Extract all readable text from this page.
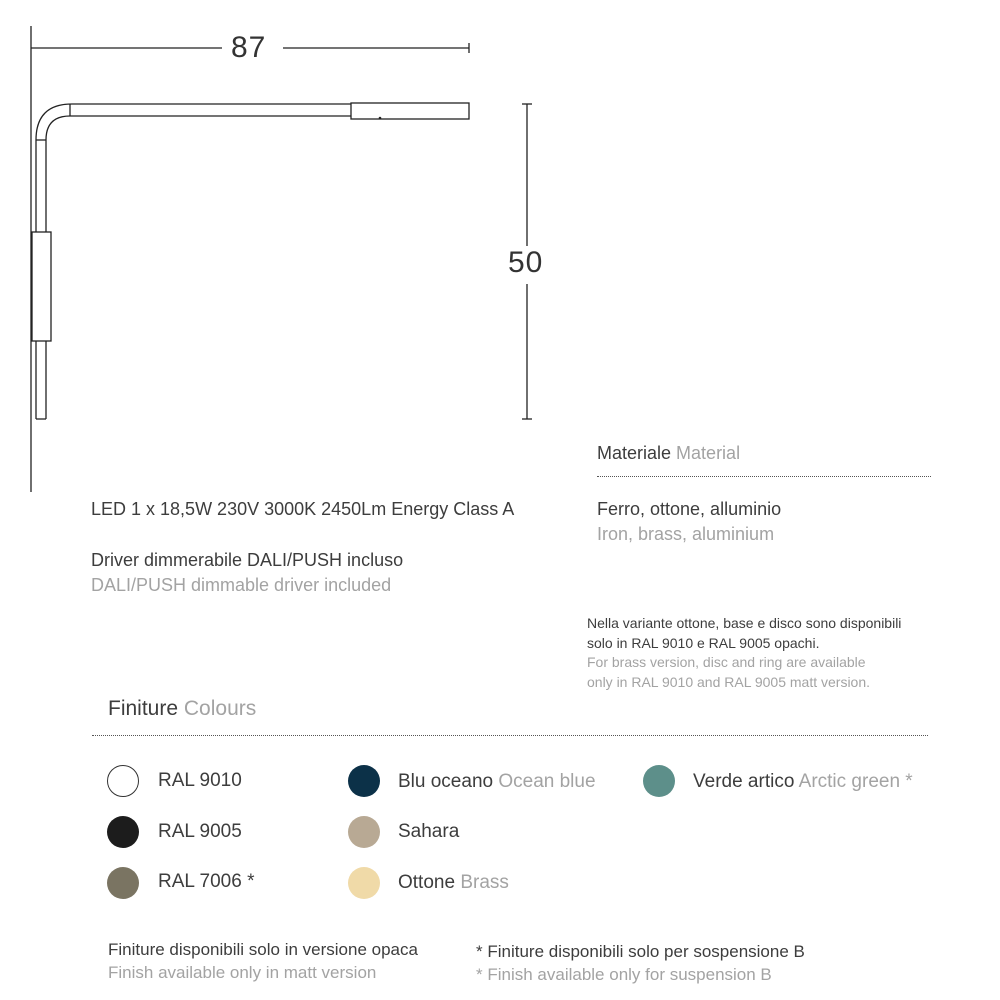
87
50
LED 1 x 18,5W 230V 3000K 2450Lm Energy Class A
Driver dimmerabile DALI/PUSH incluso
DALI/PUSH dimmable driver included
Materiale Material
Ferro, ottone, alluminio
Iron, brass, aluminium
Nella variante ottone, base e disco sono disponibili
solo in RAL 9010 e RAL 9005 opachi.
For brass version, disc and ring are available
only in RAL 9010 and RAL 9005 matt version.
Finiture Colours
RAL 9010	Blu oceano Ocean blue	Verde artico Arctic green *
RAL 9005	Sahara
RAL 7006 *	Ottone Brass
Finiture disponibili solo in versione opaca
Finish available only in matt version
* Finiture disponibili solo per sospensione B
* Finish available only for suspension B
